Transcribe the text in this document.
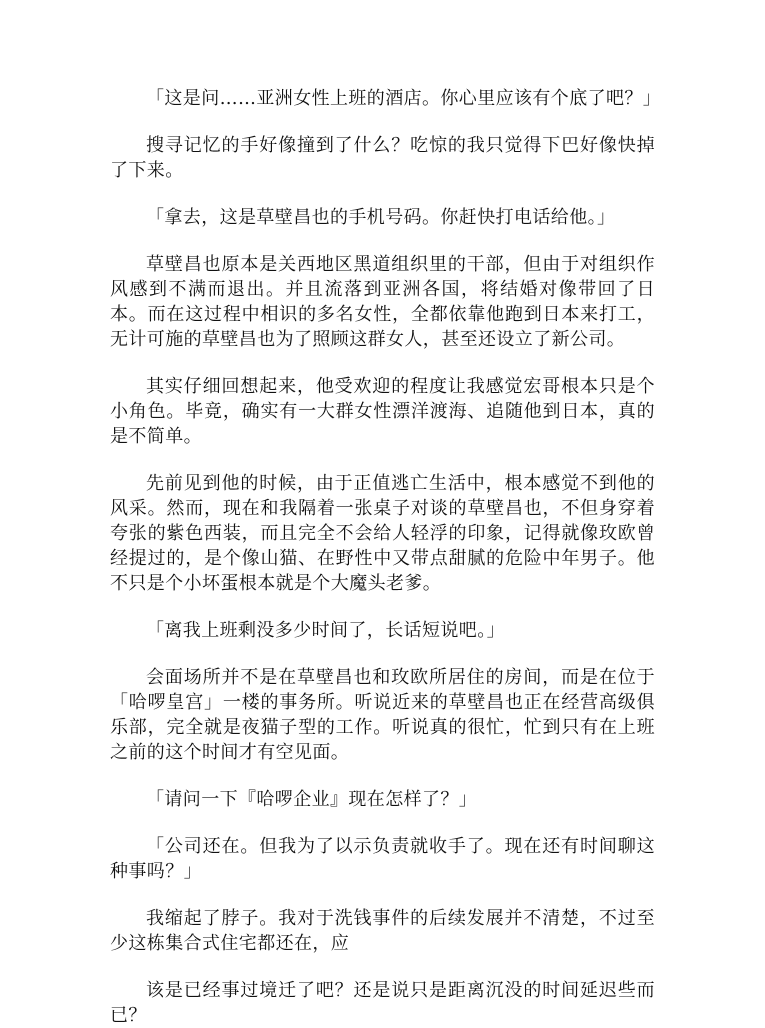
「这是问……亚洲女性上班的酒店。你心里应该有个底了吧？」

搜寻记忆的手好像撞到了什么？吃惊的我只觉得下巴好像快掉了下来。

「拿去，这是草壁昌也的手机号码。你赶快打电话给他。」

草壁昌也原本是关西地区黑道组织里的干部，但由于对组织作风感到不满而退出。并且流落到亚洲各国，将结婚对像带回了日本。而在这过程中相识的多名女性，全都依靠他跑到日本来打工，无计可施的草壁昌也为了照顾这群女人，甚至还设立了新公司。

其实仔细回想起来，他受欢迎的程度让我感觉宏哥根本只是个小角色。毕竟，确实有一大群女性漂洋渡海、追随他到日本，真的是不简单。

先前见到他的时候，由于正值逃亡生活中，根本感觉不到他的风采。然而，现在和我隔着一张桌子对谈的草壁昌也，不但身穿着夸张的紫色西装，而且完全不会给人轻浮的印象，记得就像玫欧曾经提过的，是个像山猫、在野性中又带点甜腻的危险中年男子。他不只是个小坏蛋根本就是个大魔头老爹。

「离我上班剩没多少时间了，长话短说吧。」

会面场所并不是在草壁昌也和玫欧所居住的房间，而是在位于「哈啰皇宫」一楼的事务所。听说近来的草壁昌也正在经营高级俱乐部，完全就是夜猫子型的工作。听说真的很忙，忙到只有在上班之前的这个时间才有空见面。

「请问一下『哈啰企业』现在怎样了？」

「公司还在。但我为了以示负责就收手了。现在还有时间聊这种事吗？」

我缩起了脖子。我对于洗钱事件的后续发展并不清楚，不过至少这栋集合式住宅都还在，应

该是已经事过境迁了吧？还是说只是距离沉没的时间延迟些而已？
